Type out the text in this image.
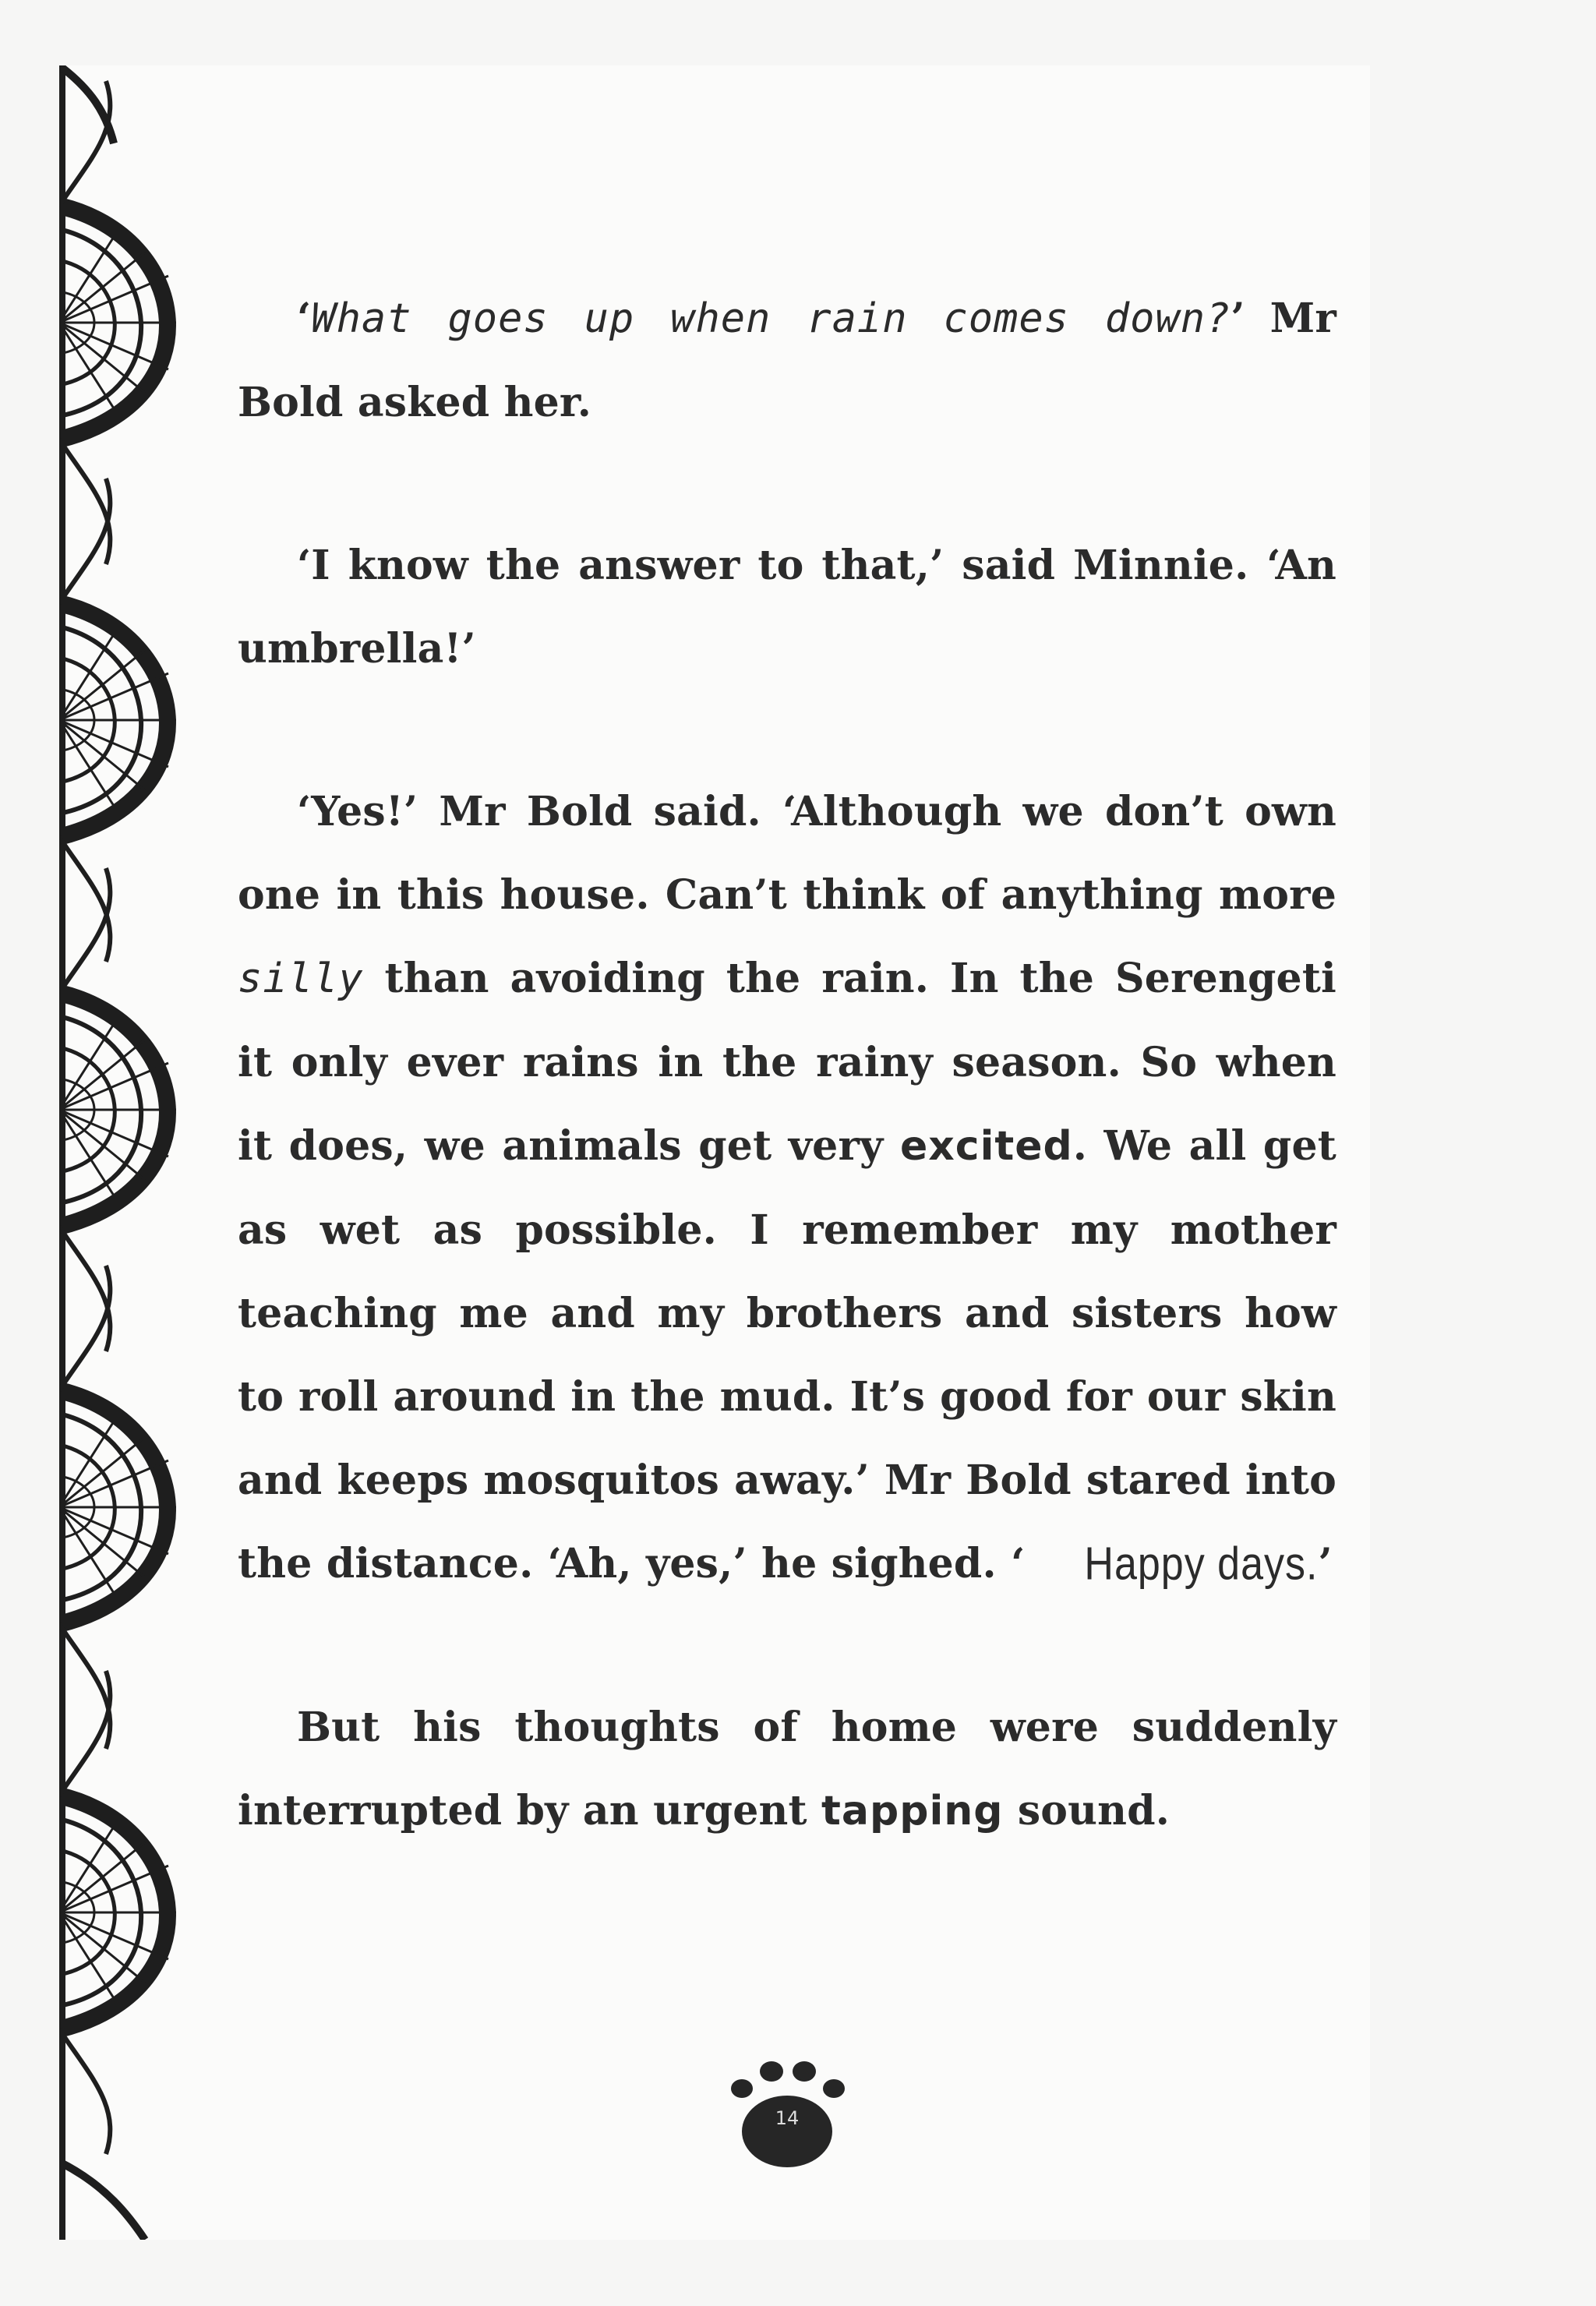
‘What goes up when rain comes down?’ Mr Bold asked her.

‘I know the answer to that,’ said Minnie. ‘An umbrella!’

‘Yes!’ Mr Bold said. ‘Although we don’t own one in this house. Can’t think of anything more silly than avoiding the rain. In the Serengeti it only ever rains in the rainy season. So when it does, we animals get very excited. We all get as wet as possible. I remember my mother teaching me and my brothers and sisters how to roll around in the mud. It’s good for our skin and keeps mosquitos away.’ Mr Bold stared into the distance. ‘Ah, yes,’ he sighed. ‘ Happy days.’

But his thoughts of home were suddenly interrupted by an urgent tapping sound.

14
